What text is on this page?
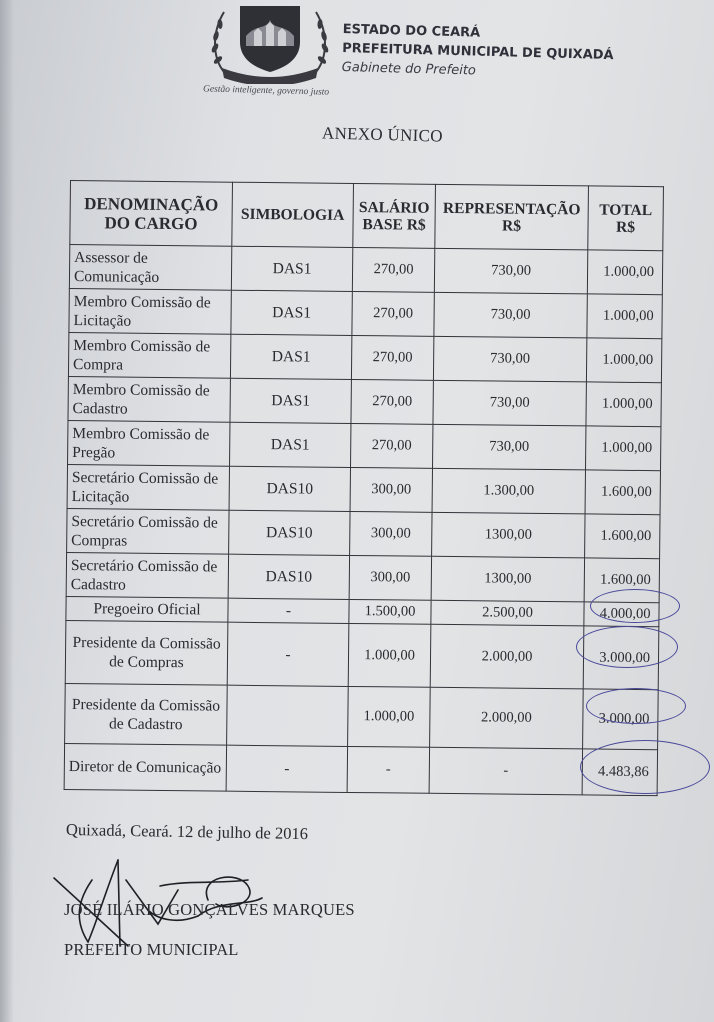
Gestão inteligente, governo justo
ESTADO DO CEARÁ
PREFEITURA MUNICIPAL DE QUIXADÁ
Gabinete do Prefeito
ANEXO ÚNICO
DENOMINAÇÃO DO CARGO	SIMBOLOGIA	SALÁRIO BASE R$	REPRESENTAÇÃO R$	TOTAL R$
Assessor de Comunicação	DAS1	270,00	730,00	1.000,00
Membro Comissão de Licitação	DAS1	270,00	730,00	1.000,00
Membro Comissão de Compra	DAS1	270,00	730,00	1.000,00
Membro Comissão de Cadastro	DAS1	270,00	730,00	1.000,00
Membro Comissão de Pregão	DAS1	270,00	730,00	1.000,00
Secretário Comissão de Licitação	DAS10	300,00	1.300,00	1.600,00
Secretário Comissão de Compras	DAS10	300,00	1300,00	1.600,00
Secretário Comissão de Cadastro	DAS10	300,00	1300,00	1.600,00
Pregoeiro Oficial	-	1.500,00	2.500,00	4.000,00
Presidente da Comissão de Compras	-	1.000,00	2.000,00	3.000,00
Presidente da Comissão de Cadastro		1.000,00	2.000,00	3.000,00
Diretor de Comunicação	-	-	-	4.483,86
Quixadá, Ceará. 12 de julho de 2016
JOSÉ ILÁRIO GONÇALVES MARQUES
PREFEITO MUNICIPAL
